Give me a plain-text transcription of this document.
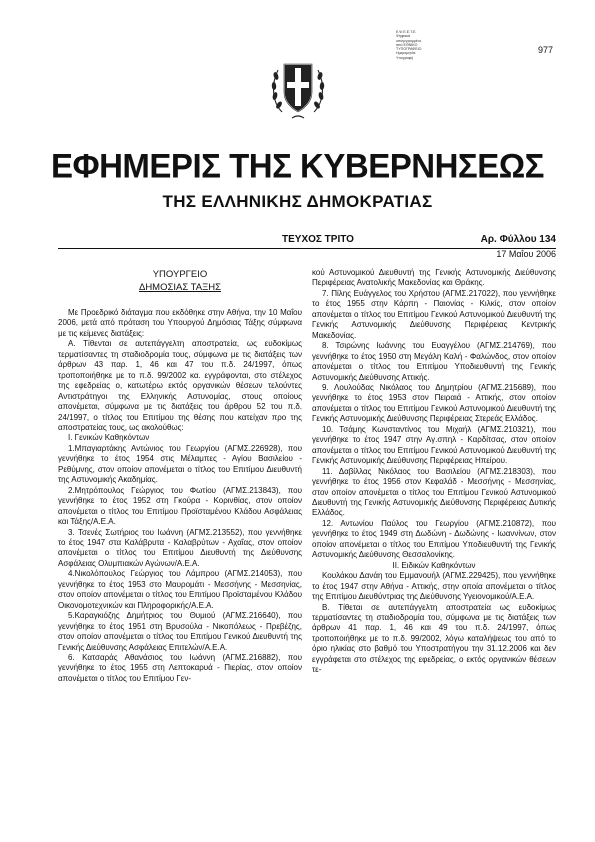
Ε.Ψ.Ε.Ε.Τ.Ε.
Ψηφιακά
υπογεγραμμένο
από ΕΘΝΙΚΟ
ΤΥΠΟΓΡΑΦΕΙΟ
Ημερομηνία:
Υπογραφή
977
ΕΦΗΜΕΡΙΣ ΤΗΣ ΚΥΒΕΡΝΗΣΕΩΣ
ΤΗΣ ΕΛΛΗΝΙΚΗΣ ΔΗΜΟΚΡΑΤΙΑΣ
ΤΕΥΧΟΣ ΤΡΙΤΟ	Αρ. Φύλλου 134
17 Μαΐου 2006
ΥΠΟΥΡΓΕΙΟ
ΔΗΜΟΣΙΑΣ ΤΑΞΗΣ

Με Προεδρικό διάταγμα που εκδόθηκε στην Αθήνα, την 10 Μαΐου 2006, μετά από πρόταση του Υπουργού Δημόσιας Τάξης σύμφωνα με τις κείμενες διατάξεις:

Α. Τίθενται σε αυτεπάγγελτη αποστρατεία, ως ευδοκίμως τερματίσαντες τη σταδιοδρομία τους, σύμφωνα με τις διατάξεις των άρθρων 43 παρ. 1, 46 και 47 του π.δ. 24/1997, όπως τροποποιήθηκε με το π.δ. 99/2002 κα. εγγράφονται, στο στέλεχος της εφεδρείας ο, κατωτέρω εκτός οργανικών θέσεων τελούντες Αντιστράτηγοι της Ελληνικής Αστυνομίας, στους οποίους απονέμεται, σύμφωνα με τις διατάξεις του άρθρου 52 του π.δ. 24/1997, ο τίτλος του Επιτίμου της θέσης που κατείχαν προ της αποστρατείας τους, ως ακολούθως:

Ι. Γενικών Καθηκόντων

1.Μπαγιαρτάκης Αντώνιος του Γεωργίου (ΑΓΜΣ.226928), που γεννήθηκε το έτος 1954 στις Μέλαμπες - Αγίου Βασιλείου - Ρεθύμνης, στον οποίον απονέμεται ο τίτλος του Επιτίμου Διευθυντή της Αστυνομικής Ακαδημίας.

2.Μητρόπουλος Γεώργιος του Φωτίου (ΑΓΜΣ.213843), που γεννήθηκε το έτος 1952 στη Γκούρα - Κορινθίας, στον οποίον απονέμεται ο τίτλος του Επιτίμου Προϊσταμένου Κλάδου Ασφάλειας και Τάξης/Α.Ε.Α.

3. Τσενές Σωτήριος του Ιωάννη (ΑΓΜΣ.213552), που γεννήθηκε το έτος 1947 στα Καλάβρυτα - Καλαβρύτων - Αχαΐας, στον οποίον απονέμεται ο τίτλος του Επιτίμου Διευθυντή της Διεύθυνσης Ασφάλειας Ολυμπιακών Αγώνων/Α.Ε.Α.

4.Νικολόπουλος Γεώργιος του Λάμπρου (ΑΓΜΣ.214053), που γεννήθηκε το έτος 1953 στο Μαυρομάτι - Μεσσήνης - Μεσσηνίας, στον οποίον απονέμεται ο τίτλος του Επιτίμου Προϊσταμένου Κλάδου Οικονομοτεχνικών και Πληροφορικής/Α.Ε.Α.

5.Καραγκιόζης Δημήτριος του Θυμιού (ΑΓΜΣ.216640), που γεννήθηκε το έτος 1951 στη Βρυσούλα - Νικοπόλεως - Πρεβέζης, στον οποίον απονέμεται ο τίτλος του Επιτίμου Γενικού Διευθυντή της Γενικής Διεύθυνσης Ασφάλειας Επιτελών/Α.Ε.Α.

6. Κατσαράς Αθανάσιος του Ιωάννη (ΑΓΜΣ.216882), που γεννήθηκε το έτος 1955 στη Λεπτοκαρυά - Πιερίας, στον οποίον απονέμεται ο τίτλος του Επιτίμου Γεν-

κού Αστυνομικού Διευθυντή της Γενικής Αστυνομικής Διεύθυνσης Περιφέρειας Ανατολικής Μακεδονίας και Θράκης.

7. Πίλης Ευάγγελος του Χρήστου (ΑΓΜΣ.217022), που γεννήθηκε το έτος 1955 στην Κάρπη - Παιονίας - Κιλκίς, στον οποίον απονέμεται ο τίτλος του Επιτίμου Γενικού Αστυνομικού Διευθυντή της Γενικής Αστυνομικής Διεύθυνσης Περιφέρειας Κεντρικής Μακεδονίας.

8. Τσιρώνης Ιωάννης του Ευαγγέλου (ΑΓΜΣ.214769), που γεννήθηκε το έτος 1950 στη Μεγάλη Καλή - Φαλώνδος, στον οποίον απονέμεται ο τίτλος του Επιτίμου Υποδιευθυντή της Γενικής Αστυνομικής Διεύθυνσης Αττικής.

9. Λουλούδας Νικόλαος του Δημητρίου (ΑΓΜΣ.215689), που γεννήθηκε το έτος 1953 στον Πειραιά - Αττικής, στον οποίον απονέμεται ο τίτλος του Επιτίμου Γενικού Αστυνομικού Διευθυντή της Γενικής Αστυνομικής Διεύθυνσης Περιφέρειας Στερεάς Ελλάδος.

10. Τσάμης Κωνσταντίνος του Μιχαήλ (ΑΓΜΣ.210321), που γεννήθηκε το έτος 1947 στην Αγ.σπηλ - Καρδίτσας, στον οποίον απονέμεται ο τίτλος του Επιτίμου Γενικού Αστυνομικού Διευθυντή της Γενικής Αστυνομικής Διεύθυνσης Περιφέρειας Ηπείρου.

11. Δαβίλλας Νικόλαος του Βασιλείου (ΑΓΜΣ.218303), που γεννήθηκε το έτος 1956 στον Κεφαλάδ - Μεσσήνης - Μεσσηνίας, στον οποίον απονέμεται ο τίτλος του Επιτίμου Γενικού Αστυνομικού Διευθυντή της Γενικής Αστυνομικής Διεύθυνσης Περιφέρειας Δυτικής Ελλάδος.

12. Αντωνίου Παύλος του Γεωργίου (ΑΓΜΣ.210872), που γεννήθηκε το έτος 1949 στη Δωδώνη - Δωδώνης - Ιωαννίνων, στον οποίον απονέμεται ο τίτλος του Επιτίμου Υποδιευθυντή της Γενικής Αστυνομικής Διεύθυνσης Θεσσαλονίκης.

ΙΙ. Ειδικών Καθηκόντων

Κουλάκου Δανάη του Εμμανουήλ (ΑΓΜΣ.229425), που γεννήθηκε το έτος 1947 στην Αθήνα - Αττικής, στην οποία απονέμεται ο τίτλος της Επιτίμου Διευθύντριας της Διεύθυνσης Υγειονομικού/Α.Ε.Α.

Β. Τίθεται σε αυτεπάγγελτη αποστρατεία ως ευδοκίμως τερματίσαντες τη σταδιοδρομία του, σύμφωνα με τις διατάξεις των άρθρων 41 παρ. 1, 46 και 49 του π.δ. 24/1997, όπως τροποποιήθηκε με το π.δ. 99/2002, λόγω καταλήψεως του από το όριο ηλικίας στο βαθμό του Υποστρατήγου την 31.12.2006 και δεν εγγράφεται στο στέλεχος της εφεδρείας, ο εκτός οργανικών θέσεων τε-
